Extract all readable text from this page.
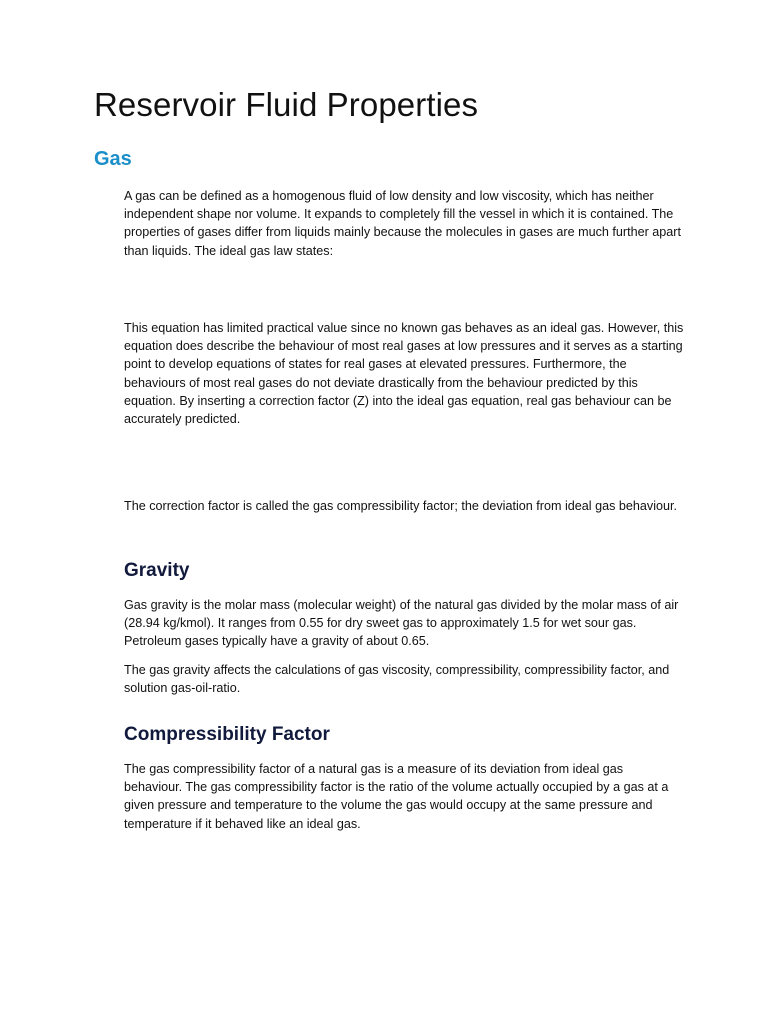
Reservoir Fluid Properties
Gas

A gas can be defined as a homogenous fluid of low density and low viscosity, which has neither independent shape nor volume. It expands to completely fill the vessel in which it is contained. The properties of gases differ from liquids mainly because the molecules in gases are much further apart than liquids. The ideal gas law states:

This equation has limited practical value since no known gas behaves as an ideal gas. However, this equation does describe the behaviour of most real gases at low pressures and it serves as a starting point to develop equations of states for real gases at elevated pressures. Furthermore, the behaviours of most real gases do not deviate drastically from the behaviour predicted by this equation. By inserting a correction factor (Z) into the ideal gas equation, real gas behaviour can be accurately predicted.

The correction factor is called the gas compressibility factor; the deviation from ideal gas behaviour.

Gravity

Gas gravity is the molar mass (molecular weight) of the natural gas divided by the molar mass of air (28.94 kg/kmol). It ranges from 0.55 for dry sweet gas to approximately 1.5 for wet sour gas. Petroleum gases typically have a gravity of about 0.65.

The gas gravity affects the calculations of gas viscosity, compressibility, compressibility factor, and solution gas-oil-ratio.

Compressibility Factor

The gas compressibility factor of a natural gas is a measure of its deviation from ideal gas behaviour. The gas compressibility factor is the ratio of the volume actually occupied by a gas at a given pressure and temperature to the volume the gas would occupy at the same pressure and temperature if it behaved like an ideal gas.
